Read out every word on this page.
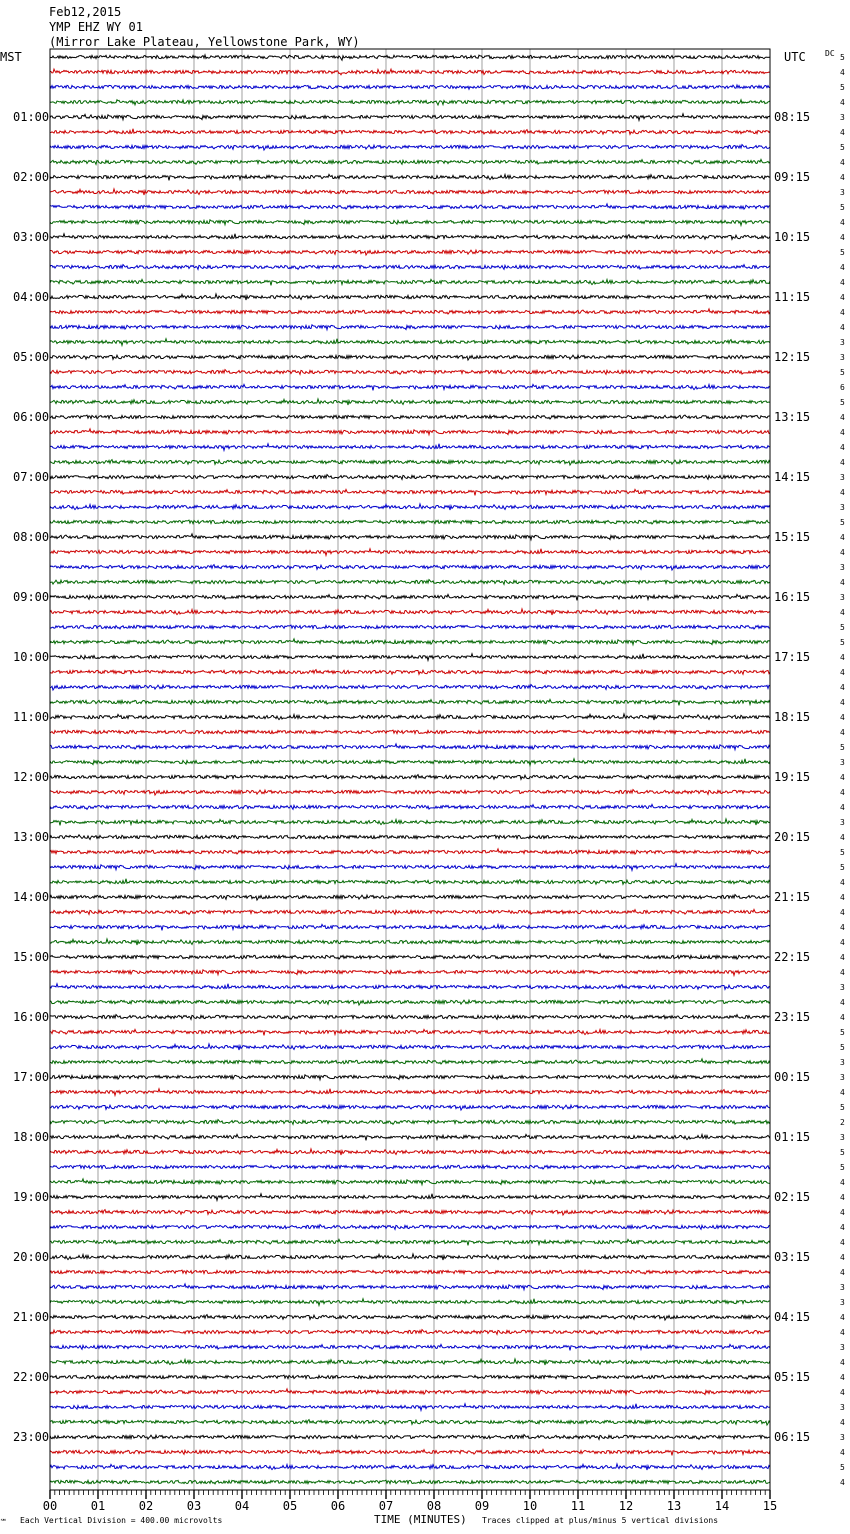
Feb12,2015
YMP EHZ WY 01
(Mirror Lake Plateau, Yellowstone Park, WY)
MST	UTC DC
01:00
02:00
03:00
04:00
05:00
06:00
07:00
08:00
09:00
10:00
11:00
12:00
13:00
14:00
15:00
16:00
17:00
18:00
19:00
20:00
21:00
22:00
23:00
08:15
09:15
10:15
11:15
12:15
13:15
14:15
15:15
16:15
17:15
18:15
19:15
20:15
21:15
22:15
23:15
00:15
01:15
02:15
03:15
04:15
05:15
06:15
5
4
5
4
3
4
5
4
4
3
5
4
4
5
4
4
4
4
4
3
3
5
6
5
4
4
4
4
3
4
3
5
4
4
3
4
3
4
5
5
4
4
4
4
4
4
5
3
4
4
4
3
4
5
5
4
4
4
4
4
4
4
3
4
4
5
5
3
3
4
5
2
3
5
5
4
4
4
4
4
4
4
3
3
4
4
3
4
4
4
3
4
3
4
5
4
00	01	02	03	04	05	06	07	08	09	10	11	12	13	14	15
℠ Each Vertical Division = 400.00 microvolts	TIME (MINUTES) Traces clipped at plus/minus 5 vertical divisions
